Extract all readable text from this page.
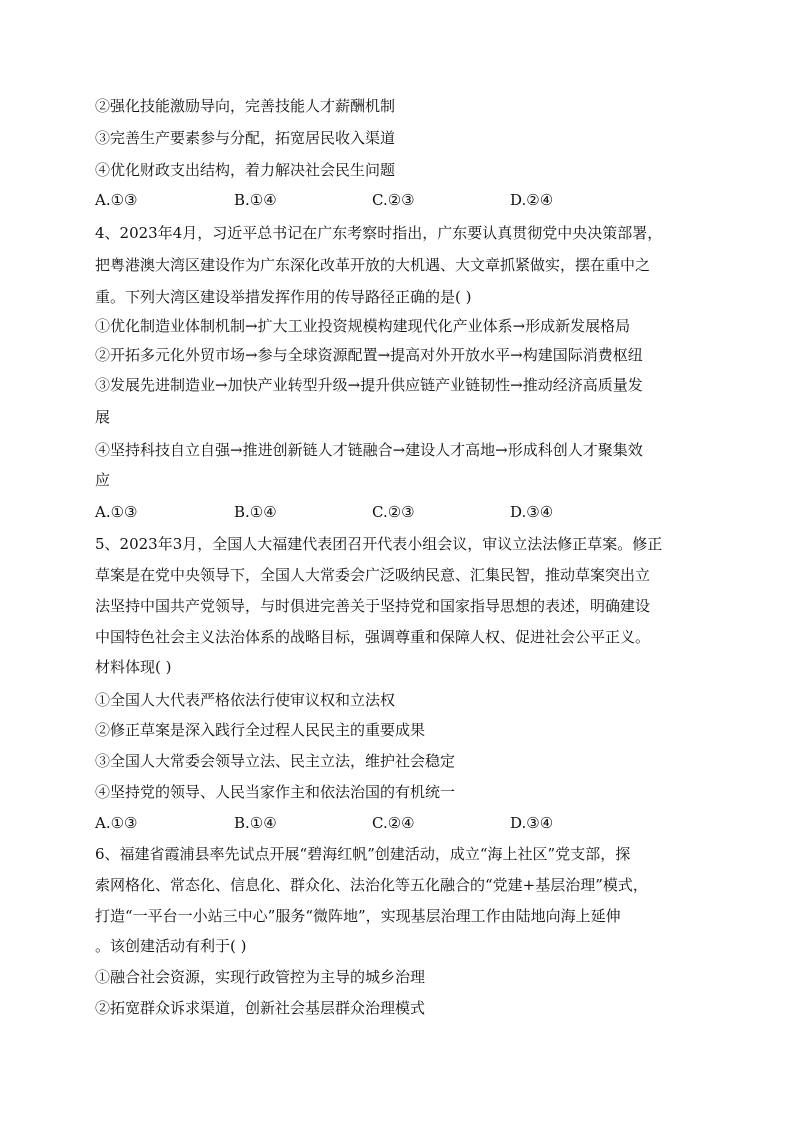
②强化技能激励导向，完善技能人才薪酬机制
③完善生产要素参与分配，拓宽居民收入渠道
④优化财政支出结构，着力解决社会民生问题
A.①③	B.①④	C.②③	D.②④
4、2023年4月，习近平总书记在广东考察时指出，广东要认真贯彻党中央决策部署，
把粤港澳大湾区建设作为广东深化改革开放的大机遇、大文章抓紧做实，摆在重中之
重。下列大湾区建设举措发挥作用的传导路径正确的是( )
①优化制造业体制机制→扩大工业投资规模构建现代化产业体系→形成新发展格局
②开拓多元化外贸市场→参与全球资源配置→提高对外开放水平→构建国际消费枢纽
③发展先进制造业→加快产业转型升级→提升供应链产业链韧性→推动经济高质量发
展
④坚持科技自立自强→推进创新链人才链融合→建设人才高地→形成科创人才聚集效
应
A.①③	B.①④	C.②③	D.③④
5、2023年3月，全国人大福建代表团召开代表小组会议，审议立法法修正草案。修正
草案是在党中央领导下，全国人大常委会广泛吸纳民意、汇集民智，推动草案突出立
法坚持中国共产党领导，与时俱进完善关于坚持党和国家指导思想的表述，明确建设
中国特色社会主义法治体系的战略目标，强调尊重和保障人权、促进社会公平正义。
材料体现( )
①全国人大代表严格依法行使审议权和立法权
②修正草案是深入践行全过程人民民主的重要成果
③全国人大常委会领导立法、民主立法，维护社会稳定
④坚持党的领导、人民当家作主和依法治国的有机统一
A.①③	B.①④	C.②④	D.③④
6、福建省霞浦县率先试点开展“碧海红帆”创建活动，成立“海上社区”党支部，探
索网格化、常态化、信息化、群众化、法治化等五化融合的“党建+基层治理”模式，
打造“一平台一小站三中心”服务“微阵地”，实现基层治理工作由陆地向海上延伸
。该创建活动有利于( )
①融合社会资源，实现行政管控为主导的城乡治理
②拓宽群众诉求渠道，创新社会基层群众治理模式
